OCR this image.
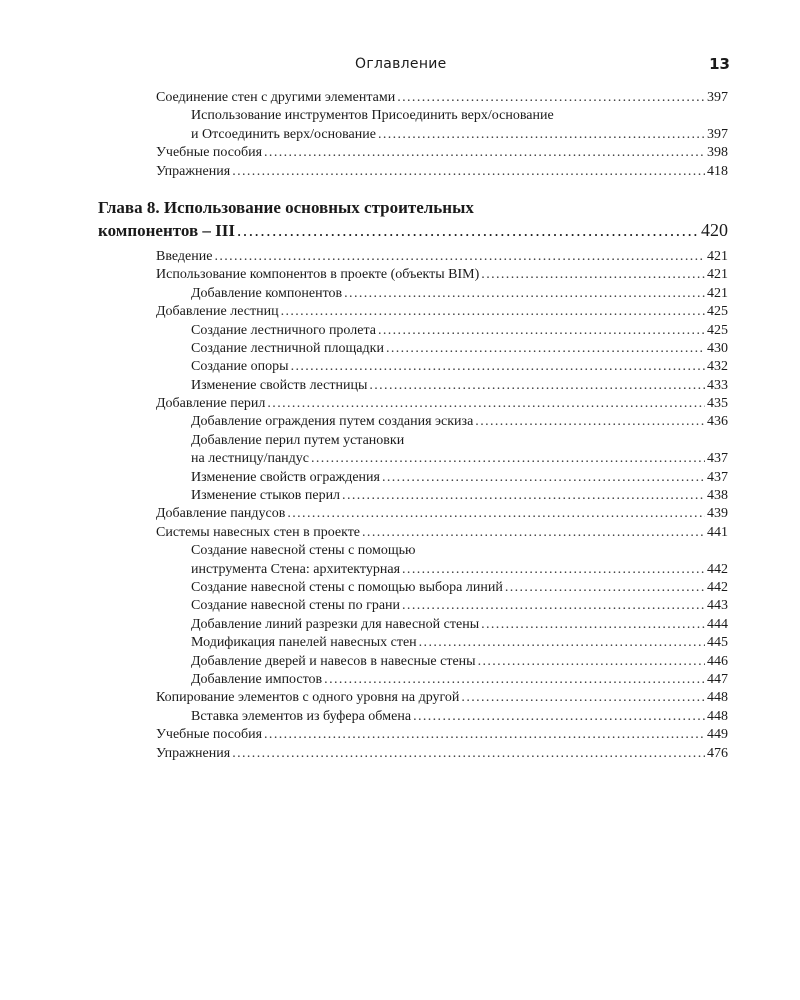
Оглавление	13
Соединение стен с другими элементами .....	397
Использование инструментов Присоединить верх/основание
и Отсоединить верх/основание .....	397
Учебные пособия .....	398
Упражнения .....	418
Глава 8. Использование основных строительных
компонентов – III .....	420
Введение .....	421
Использование компонентов в проекте (объекты BIM) .....	421
Добавление компонентов .....	421
Добавление лестниц .....	425
Создание лестничного пролета .....	425
Создание лестничной площадки .....	430
Создание опоры .....	432
Изменение свойств лестницы .....	433
Добавление перил .....	435
Добавление ограждения путем создания эскиза .....	436
Добавление перил путем установки
на лестницу/пандус .....	437
Изменение свойств ограждения .....	437
Изменение стыков перил .....	438
Добавление пандусов .....	439
Системы навесных стен в проекте .....	441
Создание навесной стены с помощью
инструмента Стена: архитектурная .....	442
Создание навесной стены с помощью выбора линий .....	442
Создание навесной стены по грани .....	443
Добавление линий разрезки для навесной стены .....	444
Модификация панелей навесных стен .....	445
Добавление дверей и навесов в навесные стены .....	446
Добавление импостов .....	447
Копирование элементов с одного уровня на другой .....	448
Вставка элементов из буфера обмена .....	448
Учебные пособия .....	449
Упражнения .....	476
